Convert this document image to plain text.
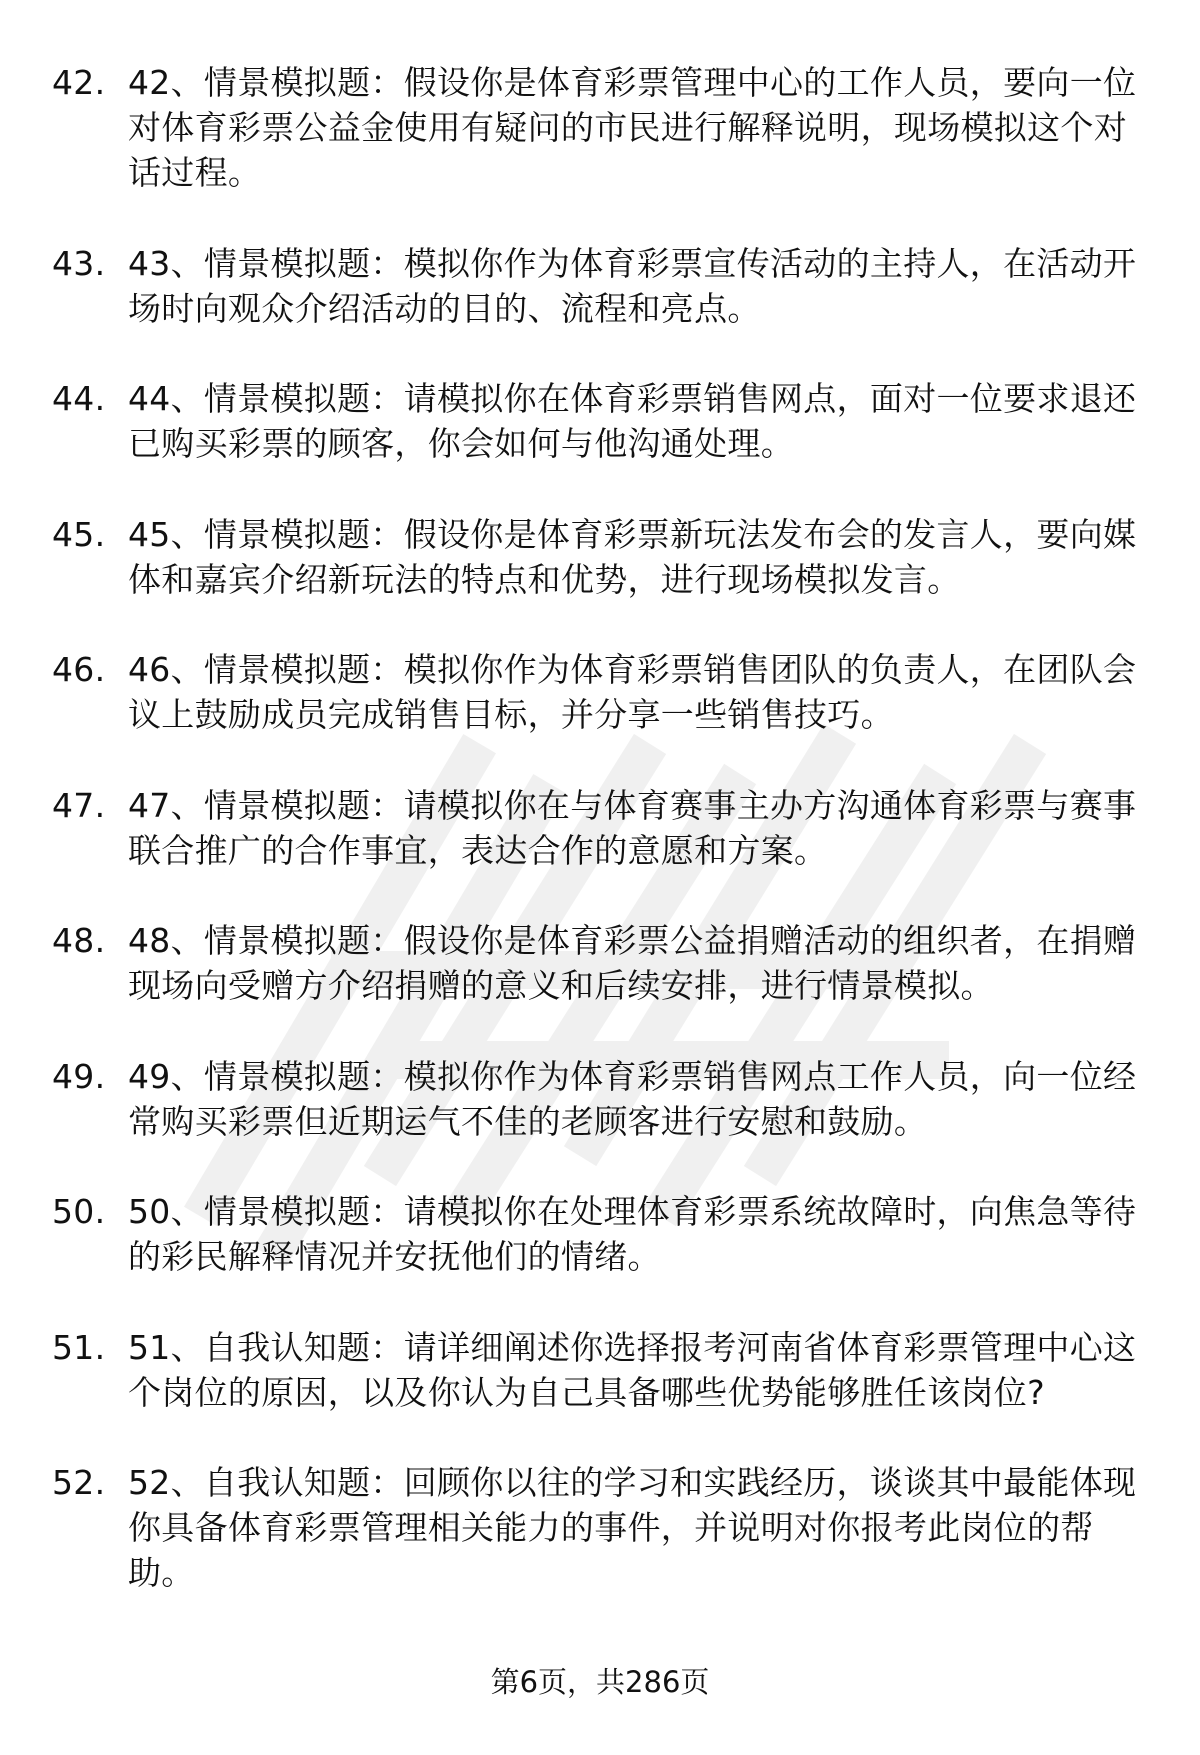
42. 42、情景模拟题：假设你是体育彩票管理中心的工作人员，要向一位对体育彩票公益金使用有疑问的市民进行解释说明，现场模拟这个对话过程。
43. 43、情景模拟题：模拟你作为体育彩票宣传活动的主持人，在活动开场时向观众介绍活动的目的、流程和亮点。
44. 44、情景模拟题：请模拟你在体育彩票销售网点，面对一位要求退还已购买彩票的顾客，你会如何与他沟通处理。
45. 45、情景模拟题：假设你是体育彩票新玩法发布会的发言人，要向媒体和嘉宾介绍新玩法的特点和优势，进行现场模拟发言。
46. 46、情景模拟题：模拟你作为体育彩票销售团队的负责人，在团队会议上鼓励成员完成销售目标，并分享一些销售技巧。
47. 47、情景模拟题：请模拟你在与体育赛事主办方沟通体育彩票与赛事联合推广的合作事宜，表达合作的意愿和方案。
48. 48、情景模拟题：假设你是体育彩票公益捐赠活动的组织者，在捐赠现场向受赠方介绍捐赠的意义和后续安排，进行情景模拟。
49. 49、情景模拟题：模拟你作为体育彩票销售网点工作人员，向一位经常购买彩票但近期运气不佳的老顾客进行安慰和鼓励。
50. 50、情景模拟题：请模拟你在处理体育彩票系统故障时，向焦急等待的彩民解释情况并安抚他们的情绪。
51. 51、自我认知题：请详细阐述你选择报考河南省体育彩票管理中心这个岗位的原因，以及你认为自己具备哪些优势能够胜任该岗位?
52. 52、自我认知题：回顾你以往的学习和实践经历，谈谈其中最能体现你具备体育彩票管理相关能力的事件，并说明对你报考此岗位的帮助。
第6页，共286页
